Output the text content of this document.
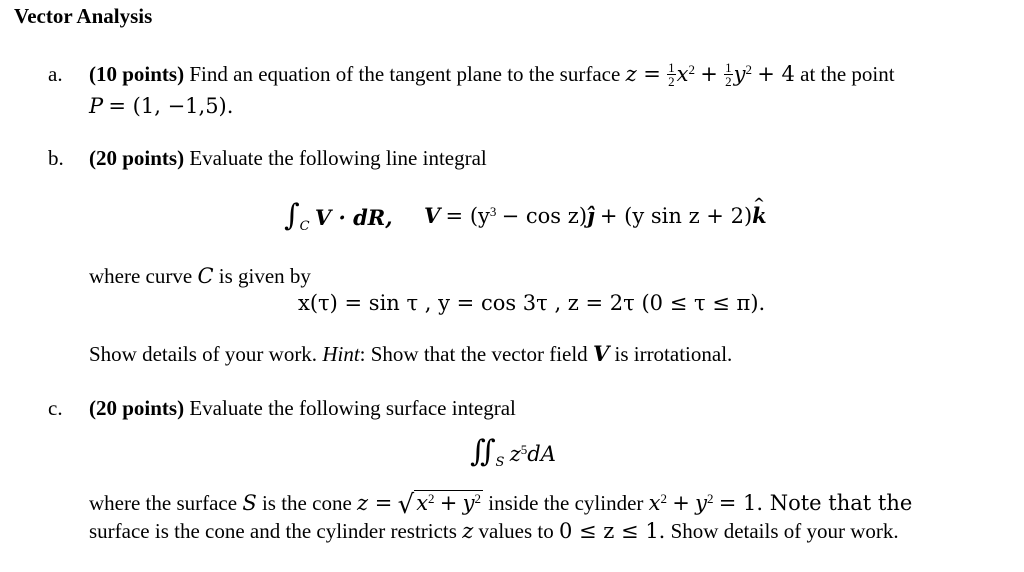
Vector Analysis
a. (10 points) Find an equation of the tangent plane to the surface $z = \frac{1}{2} x^2 + \frac{1}{2} y^2 + 4$ at the point
P = (1, −1,5).
b. (20 points) Evaluate the following line integral
$\int_C$ V · dR, $V = (y^3 - \cos$ z)ĵ + (y sin z + 2)^ k
where curve C is given by
x(τ) = sin τ , y = cos 3τ , z = 2τ (0 ≤ τ ≤ π).
Show details of your work. Hint: Show that the vector field V is irrotational.
c. (20 points) Evaluate the following surface integral
$∬_S$ $z^5dA$
where the surface S is the cone $z = √x^2 + y^2$ inside the cylinder $x^2 + y^2 = 1$. Note that the
surface is the cone and the cylinder restricts z values to 0 ≤ z ≤ 1. Show details of your work.
